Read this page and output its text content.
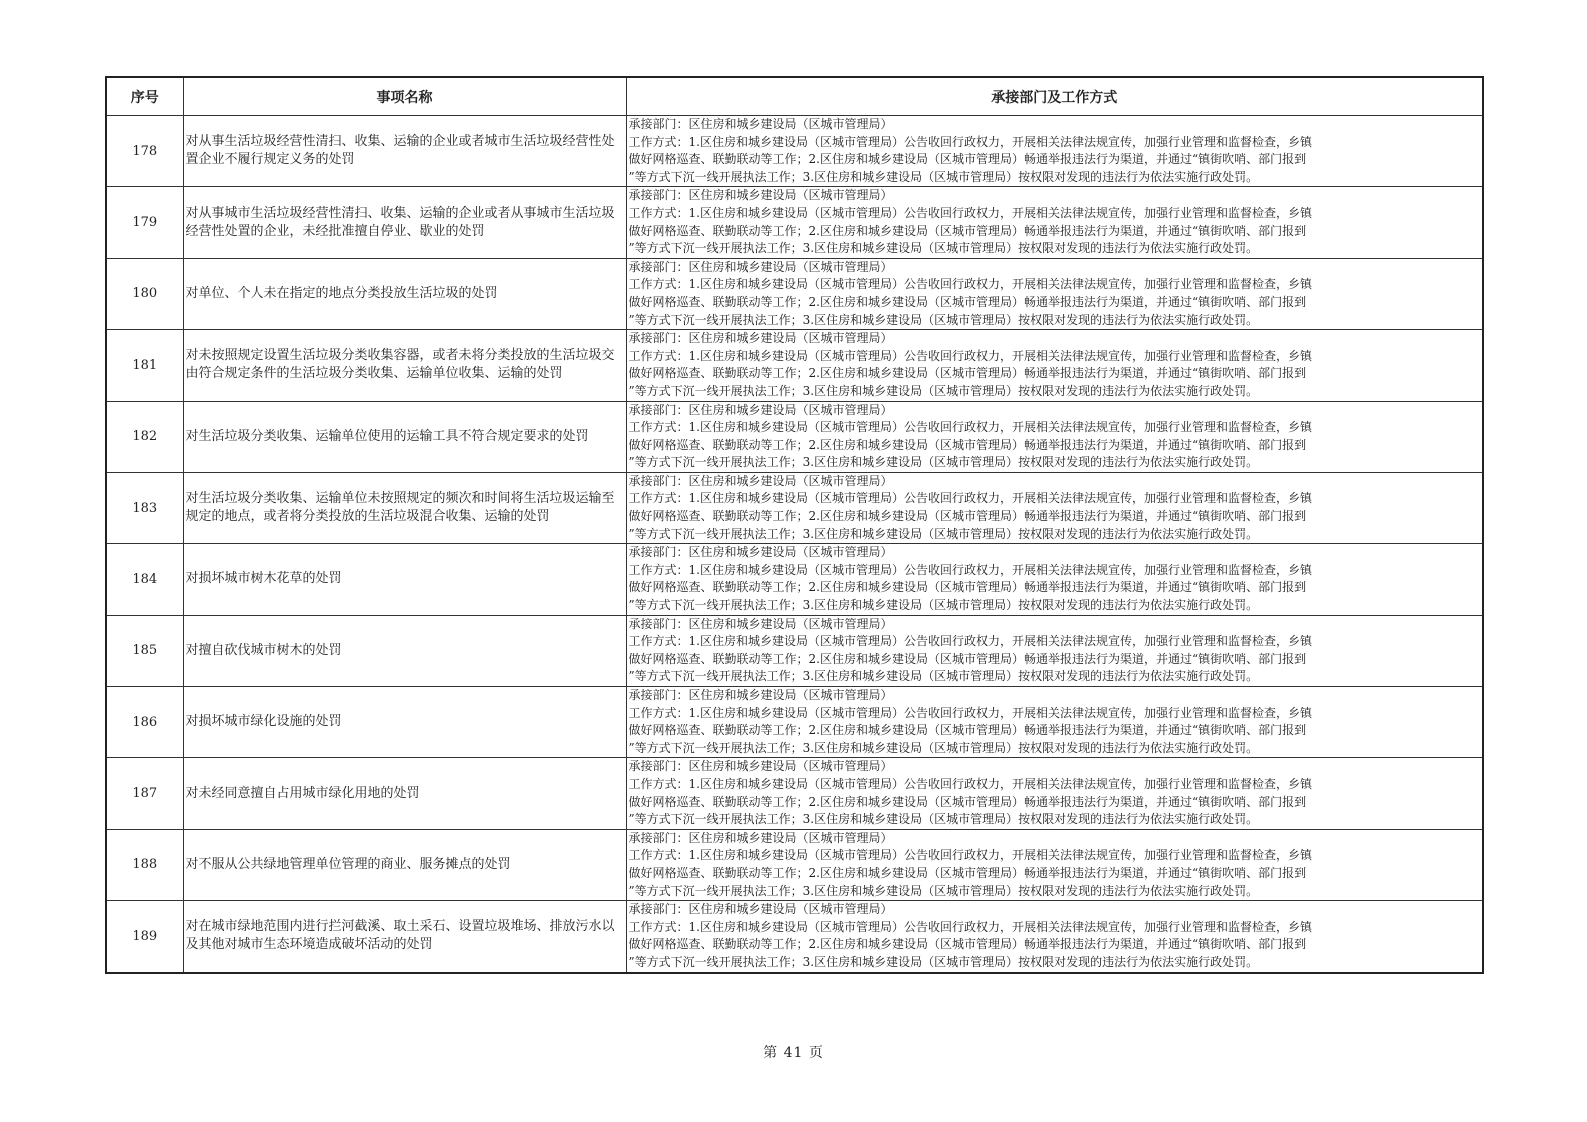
序号	事项名称	承接部门及工作方式
178	对从事生活垃圾经营性清扫、收集、运输的企业或者城市生活垃圾经营性处置企业不履行规定义务的处罚	承接部门：区住房和城乡建设局（区城市管理局）
工作方式：1.区住房和城乡建设局（区城市管理局）公告收回行政权力，开展相关法律法规宣传，加强行业管理和监督检查，乡镇
做好网格巡查、联勤联动等工作；2.区住房和城乡建设局（区城市管理局）畅通举报违法行为渠道，并通过“镇街吹哨、部门报到
”等方式下沉一线开展执法工作；3.区住房和城乡建设局（区城市管理局）按权限对发现的违法行为依法实施行政处罚。

179	对从事城市生活垃圾经营性清扫、收集、运输的企业或者从事城市生活垃圾经营性处置的企业，未经批准擅自停业、歇业的处罚	承接部门：区住房和城乡建设局（区城市管理局）
工作方式：1.区住房和城乡建设局（区城市管理局）公告收回行政权力，开展相关法律法规宣传，加强行业管理和监督检查，乡镇
做好网格巡查、联勤联动等工作；2.区住房和城乡建设局（区城市管理局）畅通举报违法行为渠道，并通过“镇街吹哨、部门报到
”等方式下沉一线开展执法工作；3.区住房和城乡建设局（区城市管理局）按权限对发现的违法行为依法实施行政处罚。

180	对单位、个人未在指定的地点分类投放生活垃圾的处罚	承接部门：区住房和城乡建设局（区城市管理局）
工作方式：1.区住房和城乡建设局（区城市管理局）公告收回行政权力，开展相关法律法规宣传，加强行业管理和监督检查，乡镇
做好网格巡查、联勤联动等工作；2.区住房和城乡建设局（区城市管理局）畅通举报违法行为渠道，并通过“镇街吹哨、部门报到
”等方式下沉一线开展执法工作；3.区住房和城乡建设局（区城市管理局）按权限对发现的违法行为依法实施行政处罚。

181	对未按照规定设置生活垃圾分类收集容器，或者未将分类投放的生活垃圾交由符合规定条件的生活垃圾分类收集、运输单位收集、运输的处罚	承接部门：区住房和城乡建设局（区城市管理局）
工作方式：1.区住房和城乡建设局（区城市管理局）公告收回行政权力，开展相关法律法规宣传，加强行业管理和监督检查，乡镇
做好网格巡查、联勤联动等工作；2.区住房和城乡建设局（区城市管理局）畅通举报违法行为渠道，并通过“镇街吹哨、部门报到
”等方式下沉一线开展执法工作；3.区住房和城乡建设局（区城市管理局）按权限对发现的违法行为依法实施行政处罚。

182	对生活垃圾分类收集、运输单位使用的运输工具不符合规定要求的处罚	承接部门：区住房和城乡建设局（区城市管理局）
工作方式：1.区住房和城乡建设局（区城市管理局）公告收回行政权力，开展相关法律法规宣传，加强行业管理和监督检查，乡镇
做好网格巡查、联勤联动等工作；2.区住房和城乡建设局（区城市管理局）畅通举报违法行为渠道，并通过“镇街吹哨、部门报到
”等方式下沉一线开展执法工作；3.区住房和城乡建设局（区城市管理局）按权限对发现的违法行为依法实施行政处罚。

183	对生活垃圾分类收集、运输单位未按照规定的频次和时间将生活垃圾运输至规定的地点，或者将分类投放的生活垃圾混合收集、运输的处罚	承接部门：区住房和城乡建设局（区城市管理局）
工作方式：1.区住房和城乡建设局（区城市管理局）公告收回行政权力，开展相关法律法规宣传，加强行业管理和监督检查，乡镇
做好网格巡查、联勤联动等工作；2.区住房和城乡建设局（区城市管理局）畅通举报违法行为渠道，并通过“镇街吹哨、部门报到
”等方式下沉一线开展执法工作；3.区住房和城乡建设局（区城市管理局）按权限对发现的违法行为依法实施行政处罚。

184	对损坏城市树木花草的处罚	承接部门：区住房和城乡建设局（区城市管理局）
工作方式：1.区住房和城乡建设局（区城市管理局）公告收回行政权力，开展相关法律法规宣传，加强行业管理和监督检查，乡镇
做好网格巡查、联勤联动等工作；2.区住房和城乡建设局（区城市管理局）畅通举报违法行为渠道，并通过“镇街吹哨、部门报到
”等方式下沉一线开展执法工作；3.区住房和城乡建设局（区城市管理局）按权限对发现的违法行为依法实施行政处罚。

185	对擅自砍伐城市树木的处罚	承接部门：区住房和城乡建设局（区城市管理局）
工作方式：1.区住房和城乡建设局（区城市管理局）公告收回行政权力，开展相关法律法规宣传，加强行业管理和监督检查，乡镇
做好网格巡查、联勤联动等工作；2.区住房和城乡建设局（区城市管理局）畅通举报违法行为渠道，并通过“镇街吹哨、部门报到
”等方式下沉一线开展执法工作；3.区住房和城乡建设局（区城市管理局）按权限对发现的违法行为依法实施行政处罚。

186	对损坏城市绿化设施的处罚	承接部门：区住房和城乡建设局（区城市管理局）
工作方式：1.区住房和城乡建设局（区城市管理局）公告收回行政权力，开展相关法律法规宣传，加强行业管理和监督检查，乡镇
做好网格巡查、联勤联动等工作；2.区住房和城乡建设局（区城市管理局）畅通举报违法行为渠道，并通过“镇街吹哨、部门报到
”等方式下沉一线开展执法工作；3.区住房和城乡建设局（区城市管理局）按权限对发现的违法行为依法实施行政处罚。

187	对未经同意擅自占用城市绿化用地的处罚	承接部门：区住房和城乡建设局（区城市管理局）
工作方式：1.区住房和城乡建设局（区城市管理局）公告收回行政权力，开展相关法律法规宣传，加强行业管理和监督检查，乡镇
做好网格巡查、联勤联动等工作；2.区住房和城乡建设局（区城市管理局）畅通举报违法行为渠道，并通过“镇街吹哨、部门报到
”等方式下沉一线开展执法工作；3.区住房和城乡建设局（区城市管理局）按权限对发现的违法行为依法实施行政处罚。

188	对不服从公共绿地管理单位管理的商业、服务摊点的处罚	承接部门：区住房和城乡建设局（区城市管理局）
工作方式：1.区住房和城乡建设局（区城市管理局）公告收回行政权力，开展相关法律法规宣传，加强行业管理和监督检查，乡镇
做好网格巡查、联勤联动等工作；2.区住房和城乡建设局（区城市管理局）畅通举报违法行为渠道，并通过“镇街吹哨、部门报到
”等方式下沉一线开展执法工作；3.区住房和城乡建设局（区城市管理局）按权限对发现的违法行为依法实施行政处罚。

189	对在城市绿地范围内进行拦河截溪、取土采石、设置垃圾堆场、排放污水以及其他对城市生态环境造成破坏活动的处罚	承接部门：区住房和城乡建设局（区城市管理局）
工作方式：1.区住房和城乡建设局（区城市管理局）公告收回行政权力，开展相关法律法规宣传，加强行业管理和监督检查，乡镇
做好网格巡查、联勤联动等工作；2.区住房和城乡建设局（区城市管理局）畅通举报违法行为渠道，并通过“镇街吹哨、部门报到
”等方式下沉一线开展执法工作；3.区住房和城乡建设局（区城市管理局）按权限对发现的违法行为依法实施行政处罚。
第 41 页
